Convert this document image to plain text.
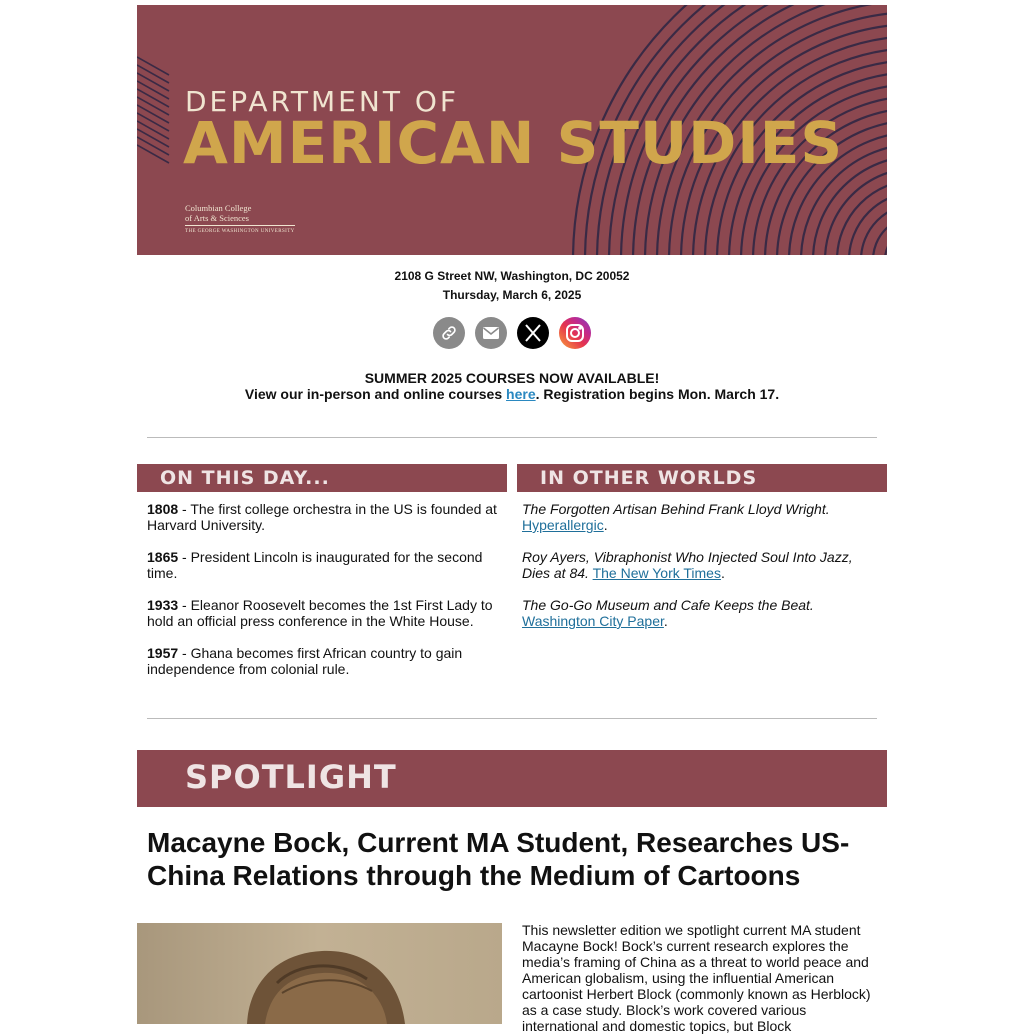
DEPARTMENT OF
AMERICAN STUDIES
Columbian College
of Arts & Sciences
THE GEORGE WASHINGTON UNIVERSITY
2108 G Street NW, Washington, DC 20052
Thursday, March 6, 2025
SUMMER 2025 COURSES NOW AVAILABLE!
View our in-person and online courses here. Registration begins Mon. March 17.
ON THIS DAY...	IN OTHER WORLDS

1808 - The first college orchestra in the US is founded at Harvard University.

1865 - President Lincoln is inaugurated for the second time.

1933 - Eleanor Roosevelt becomes the 1st First Lady to hold an official press conference in the White House.

1957 - Ghana becomes first African country to gain independence from colonial rule.

The Forgotten Artisan Behind Frank Lloyd Wright. Hyperallergic.

Roy Ayers, Vibraphonist Who Injected Soul Into Jazz, Dies at 84. The New York Times.

The Go-Go Museum and Cafe Keeps the Beat. Washington City Paper.

SPOTLIGHT
Macayne Bock, Current MA Student, Researches US-China Relations through the Medium of Cartoons
This newsletter edition we spotlight current MA student Macayne Bock! Bock’s current research explores the media’s framing of China as a threat to world peace and American globalism, using the influential American cartoonist Herbert Block (commonly known as Herblock) as a case study. Block’s work covered various international and domestic topics, but Block
